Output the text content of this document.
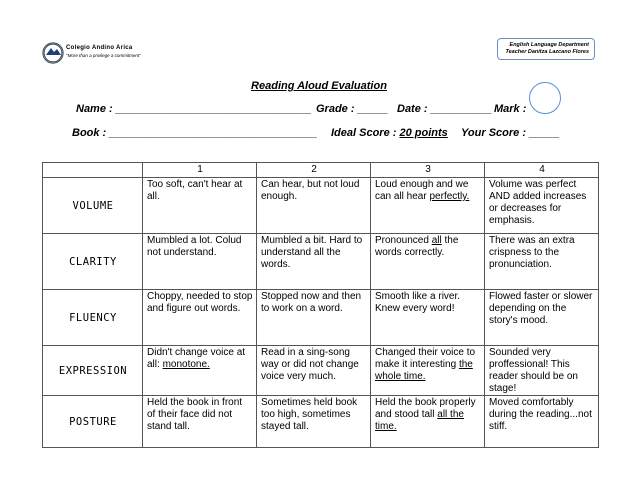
Colegio Andino Arica
"More than a privilege a commitment"
English Language Department
Teacher Danitza Lazcano Flores
Reading Aloud Evaluation
Name : ________________________________ Grade : _____ Date : __________ Mark :
Book : __________________________________ Ideal Score : 20 points Your Score : _____
	1	2	3	4
VOLUME	Too soft, can't hear at all.	Can hear, but not loud enough.	Loud enough and we can all hear perfectly.	Volume was perfect AND added increases or decreases for emphasis.
CLARITY	Mumbled a lot. Colud not understand.	Mumbled a bit. Hard to understand all the words.	Pronounced all the words correctly.	There was an extra crispness to the pronunciation.
FLUENCY	Choppy, needed to stop and figure out words.	Stopped now and then to work on a word.	Smooth like a river. Knew every word!	Flowed faster or slower depending on the story's mood.
EXPRESSION	Didn't change voice at all: monotone.	Read in a sing-song way or did not change voice very much.	Changed their voice to make it interesting the whole time.	Sounded very proffessional! This reader should be on stage!
POSTURE	Held the book in front of their face did not stand tall.	Sometimes held book too high, sometimes stayed tall.	Held the book properly and stood tall all the time.	Moved comfortably during the reading...not stiff.
